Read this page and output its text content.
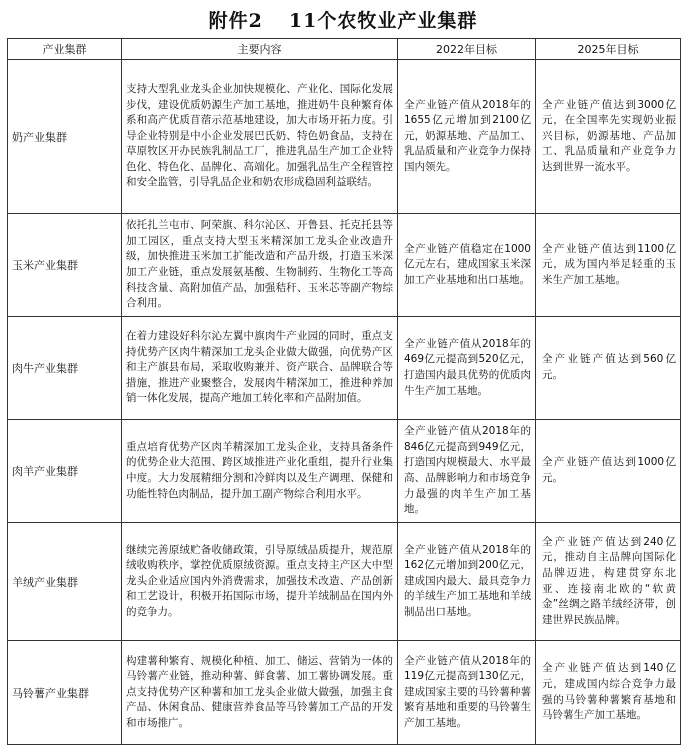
附件2 11个农牧业产业集群
产业集群	主要内容	2022年目标	2025年目标
奶产业集群	支持大型乳业龙头企业加快规模化、产业化、国际化发展步伐，建设优质奶源生产加工基地，推进奶牛良种繁育体系和高产优质苜蓿示范基地建设，加大市场开拓力度。引导企业特别是中小企业发展巴氏奶、特色奶食品，支持在草原牧区开办民族乳制品工厂，推进乳品生产加工企业特色化、特色化、品牌化、高端化。加强乳品生产全程管控和安全监管，引导乳品企业和奶农形成稳固利益联结。	全产业链产值从2018年的1655亿元增加到2100亿元，奶源基地、产品加工、乳品质量和产业竞争力保持国内领先。	全产业链产值达到3000亿元，在全国率先实现奶业振兴目标，奶源基地、产品加工、乳品质量和产业竞争力达到世界一流水平。
玉米产业集群	依托扎兰屯市、阿荣旗、科尔沁区、开鲁县、托克托县等加工园区，重点支持大型玉米精深加工龙头企业改造升级，加快推进玉米加工扩能改造和产品升级，打造玉米深加工产业链，重点发展氨基酸、生物制药、生物化工等高科技含量、高附加值产品，加强秸秆、玉米芯等副产物综合利用。	全产业链产值稳定在1000亿元左右，建成国家玉米深加工产业基地和出口基地。	全产业链产值达到1100亿元，成为国内举足轻重的玉米生产加工基地。
肉牛产业集群	在着力建设好科尔沁左翼中旗肉牛产业园的同时，重点支持优势产区肉牛精深加工龙头企业做大做强，向优势产区和主产旗县布局，采取收购兼并、资产联合、品牌联合等措施，推进产业聚整合，发展肉牛精深加工，推进种养加销一体化发展，提高产地加工转化率和产品附加值。	全产业链产值从2018年的469亿元提高到520亿元，打造国内最具优势的优质肉牛生产加工基地。	全产业链产值达到560亿元。
肉羊产业集群	重点培育优势产区肉羊精深加工龙头企业，支持具备条件的优势企业大范围、跨区域推进产业化重组，提升行业集中度。大力发展精细分割和冷鲜肉以及生产调理、保健和功能性特色肉制品，提升加工副产物综合利用水平。	全产业链产值从2018年的846亿元提高到949亿元，打造国内规模最大、水平最高、品牌影响力和市场竞争力最强的肉羊生产加工基地。	全产业链产值达到1000亿元。
羊绒产业集群	继续完善原绒贮备收储政策，引导原绒品质提升，规范原绒收购秩序，掌控优质原绒资源。重点支持主产区大中型龙头企业适应国内外消费需求，加强技术改造、产品创新和工艺设计，积极开拓国际市场，提升羊绒制品在国内外的竞争力。	全产业链产值从2018年的162亿元增加到200亿元，建成国内最大、最具竞争力的羊绒生产加工基地和羊绒制品出口基地。	全产业链产值达到240亿元，推动自主品牌向国际化品牌迈进，构建贯穿东北亚、连接南北欧的“软黄金”丝绸之路羊绒经济带，创建世界民族品牌。
马铃薯产业集群	构建薯种繁育、规模化种植、加工、储运、营销为一体的马铃薯产业链，推动种薯、鲜食薯、加工薯协调发展。重点支持优势产区种薯和加工龙头企业做大做强，加强主食产品、休闲食品、健康营养食品等马铃薯加工产品的开发和市场推广。	全产业链产值从2018年的119亿元提高到130亿元，建成国家主要的马铃薯种薯繁育基地和重要的马铃薯生产加工基地。	全产业链产值达到140亿元，建成国内综合竞争力最强的马铃薯种薯繁育基地和马铃薯生产加工基地。
